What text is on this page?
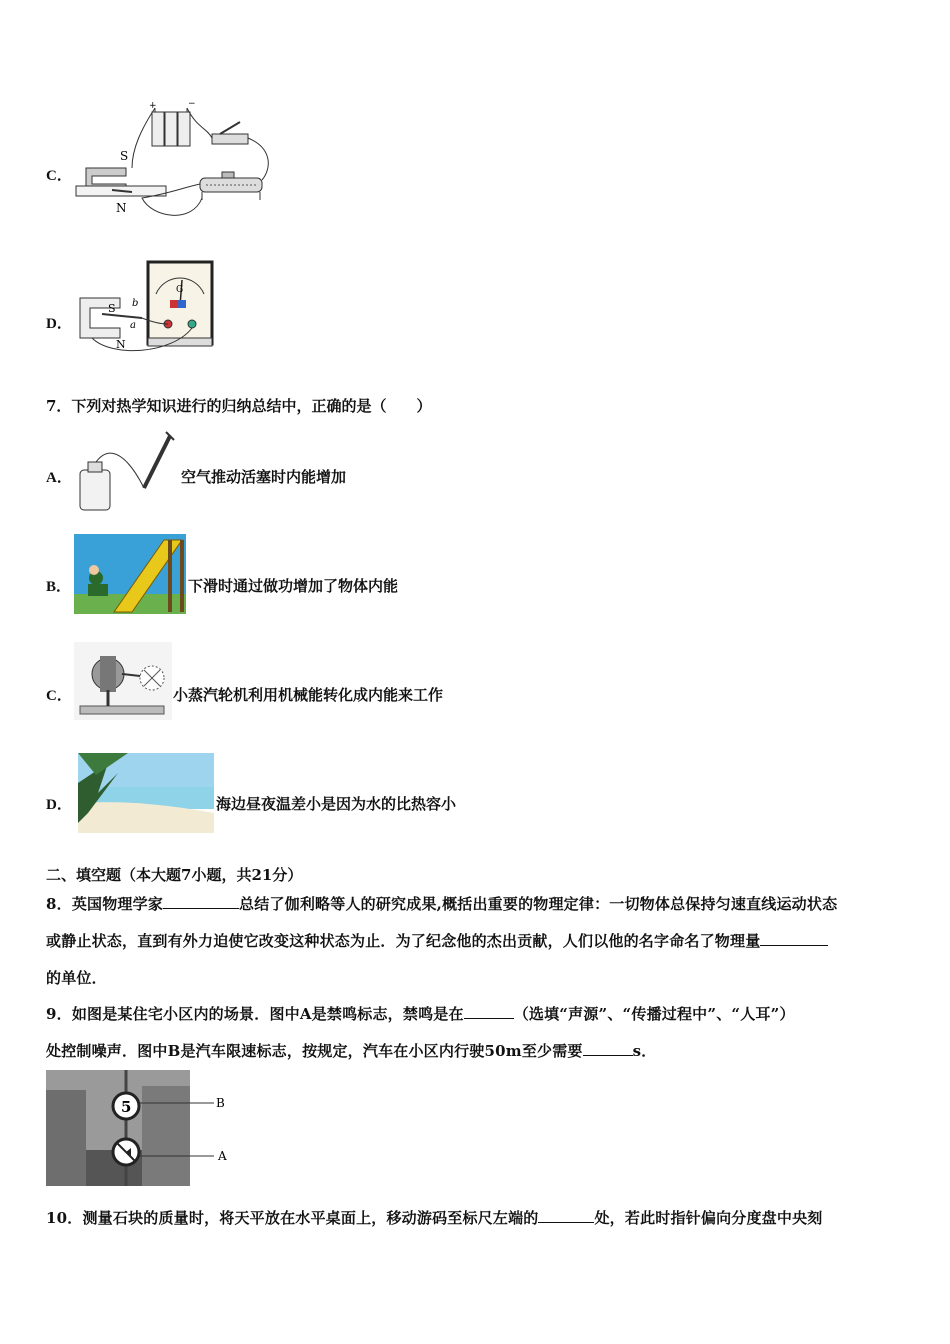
C．
+	−
S
N
D．
S
N
a
b
G
7．下列对热学知识进行的归纳总结中，正确的是（　　）
A．	空气推动活塞时内能增加
B．	下滑时通过做功增加了物体内能
C．	小蒸汽轮机利用机械能转化成内能来工作
D．	海边昼夜温差小是因为水的比热容小
二、填空题（本大题7小题，共21分）
8．英国物理学家	总结了伽利略等人的研究成果,概括出重要的物理定律：一切物体总保持匀速直线运动状态
或静止状态，直到有外力迫使它改变这种状态为止．为了纪念他的杰出贡献，人们以他的名字命名了物理量
的单位．
9．如图是某住宅小区内的场景．图中A是禁鸣标志，禁鸣是在	（选填“声源”、“传播过程中”、“人耳”）
处控制噪声．图中B是汽车限速标志，按规定，汽车在小区内行驶50m至少需要	s．
5	B
A
10．测量石块的质量时，将天平放在水平桌面上，移动游码至标尺左端的	处，若此时指针偏向分度盘中央刻
